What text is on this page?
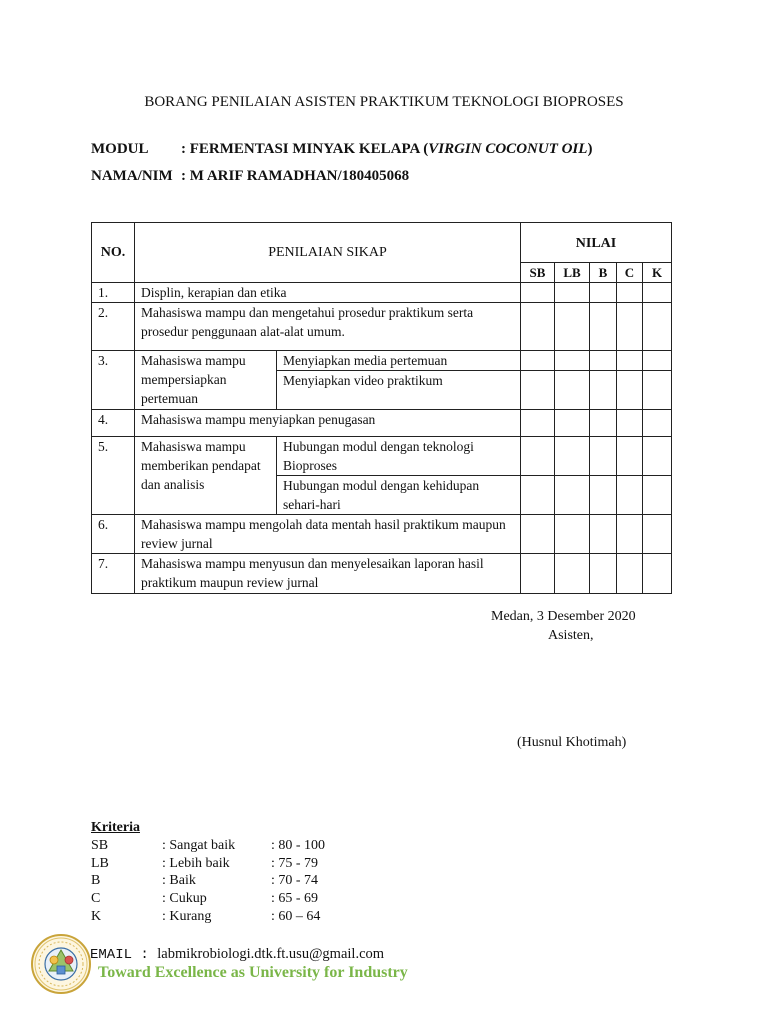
BORANG PENILAIAN ASISTEN PRAKTIKUM TEKNOLOGI BIOPROSES
MODUL : FERMENTASI MINYAK KELAPA (VIRGIN COCONUT OIL)
NAMA/NIM : M ARIF RAMADHAN/180405068
NO.	PENILAIAN SIKAP		NILAI				
			SB	LB	B	C	K
1.	Displin, kerapian dan etika						
2.	Mahasiswa mampu dan mengetahui prosedur praktikum serta prosedur penggunaan alat-alat umum.						
3.	Mahasiswa mampu mempersiapkan pertemuan	Menyiapkan media pertemuan					
		Menyiapkan video praktikum					
4.	Mahasiswa mampu menyiapkan penugasan						
5.	Mahasiswa mampu memberikan pendapat dan analisis	Hubungan modul dengan teknologi Bioproses					
		Hubungan modul dengan kehidupan sehari-hari					
6.	Mahasiswa mampu mengolah data mentah hasil praktikum maupun review jurnal						
7.	Mahasiswa mampu menyusun dan menyelesaikan laporan hasil praktikum maupun review jurnal						
Medan, 3 Desember 2020
Asisten,
(Husnul Khotimah)
Kriteria
SB	: Sangat baik	: 80 - 100
LB	: Lebih baik	: 75 - 79
B	: Baik	: 70 - 74
C	: Cukup	: 65 - 69
K	: Kurang	: 60 – 64
EMAIL : labmikrobiologi.dtk.ft.usu@gmail.com
Toward Excellence as University for Industry
